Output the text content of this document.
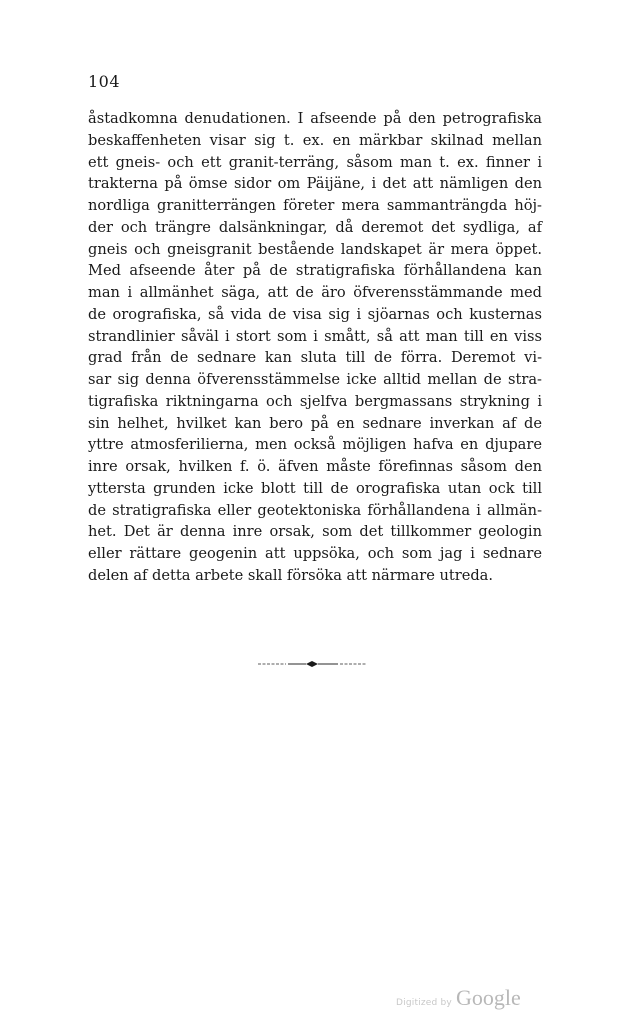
104
åstadkomna denudationen. I afseende på den petrografiska
beskaffenheten visar sig t. ex. en märkbar skilnad mellan
ett gneis- och ett granit-terräng, såsom man t. ex. finner i
trakterna på ömse sidor om Päijäne, i det att nämligen den
nordliga granitterrängen företer mera sammanträngda höj-
der och trängre dalsänkningar, då deremot det sydliga, af
gneis och gneisgranit bestående landskapet är mera öppet.
Med afseende åter på de stratigrafiska förhållandena kan
man i allmänhet säga, att de äro öfverensstämmande med
de orografiska, så vida de visa sig i sjöarnas och kusternas
strandlinier såväl i stort som i smått, så att man till en viss
grad från de sednare kan sluta till de förra. Deremot vi-
sar sig denna öfverensstämmelse icke alltid mellan de stra-
tigrafiska riktningarna och sjelfva bergmassans strykning i
sin helhet, hvilket kan bero på en sednare inverkan af de
yttre atmosferilierna, men också möjligen hafva en djupare
inre orsak, hvilken f. ö. äfven måste förefinnas såsom den
yttersta grunden icke blott till de orografiska utan ock till
de stratigrafiska eller geotektoniska förhållandena i allmän-
het. Det är denna inre orsak, som det tillkommer geologin
eller rättare geogenin att uppsöka, och som jag i sednare
delen af detta arbete skall försöka att närmare utreda.
Digitized by Google
